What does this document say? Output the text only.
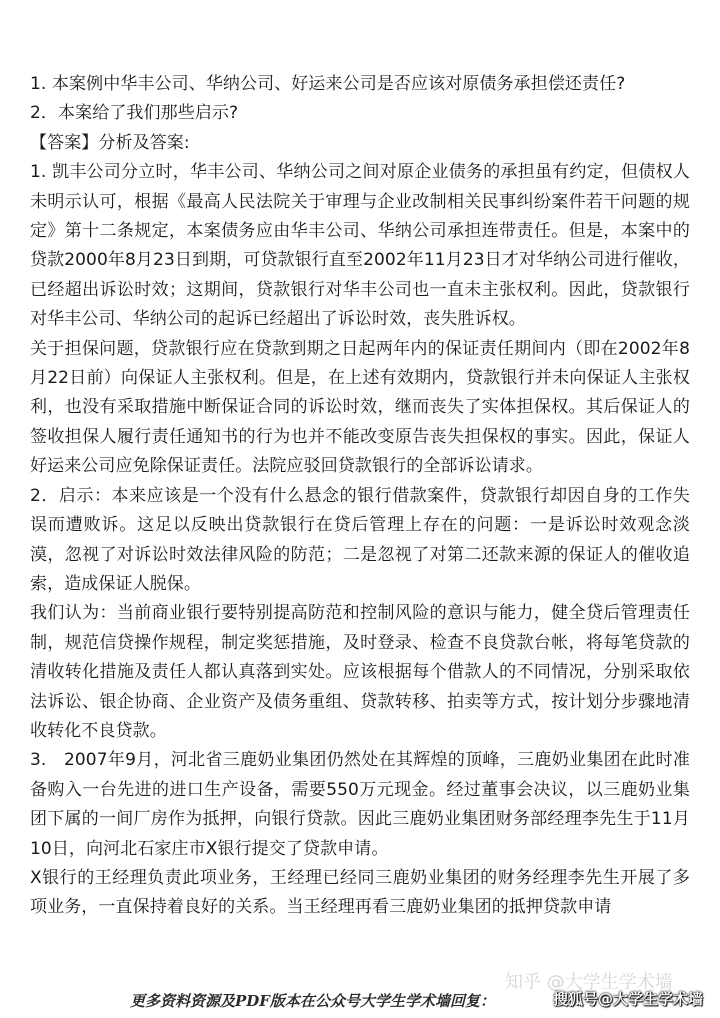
1. 本案例中华丰公司、华纳公司、好运来公司是否应该对原债务承担偿还责任?

2．本案给了我们那些启示?

【答案】分析及答案:

1. 凯丰公司分立时，华丰公司、华纳公司之间对原企业债务的承担虽有约定，但债权人未明示认可，根据《最高人民法院关于审理与企业改制相关民事纠纷案件若干问题的规定》第十二条规定，本案债务应由华丰公司、华纳公司承担连带责任。但是，本案中的贷款2000年8月23日到期，可贷款银行直至2002年11月23日才对华纳公司进行催收，已经超出诉讼时效；这期间，贷款银行对华丰公司也一直未主张权利。因此，贷款银行对华丰公司、华纳公司的起诉已经超出了诉讼时效，丧失胜诉权。

关于担保问题，贷款银行应在贷款到期之日起两年内的保证责任期间内（即在2002年8月22日前）向保证人主张权利。但是，在上述有效期内，贷款银行并未向保证人主张权利，也没有采取措施中断保证合同的诉讼时效，继而丧失了实体担保权。其后保证人的签收担保人履行责任通知书的行为也并不能改变原告丧失担保权的事实。因此，保证人好运来公司应免除保证责任。法院应驳回贷款银行的全部诉讼请求。

2．启示：本来应该是一个没有什么悬念的银行借款案件，贷款银行却因自身的工作失误而遭败诉。这足以反映出贷款银行在贷后管理上存在的问题：一是诉讼时效观念淡漠，忽视了对诉讼时效法律风险的防范；二是忽视了对第二还款来源的保证人的催收追索，造成保证人脱保。

我们认为：当前商业银行要特别提高防范和控制风险的意识与能力，健全贷后管理责任制，规范信贷操作规程，制定奖惩措施，及时登录、检查不良贷款台帐，将每笔贷款的清收转化措施及责任人都认真落到实处。应该根据每个借款人的不同情况，分别采取依法诉讼、银企协商、企业资产及债务重组、贷款转移、拍卖等方式，按计划分步骤地清收转化不良贷款。

3.　2007年9月，河北省三鹿奶业集团仍然处在其辉煌的顶峰，三鹿奶业集团在此时准备购入一台先进的进口生产设备，需要550万元现金。经过董事会决议，以三鹿奶业集团下属的一间厂房作为抵押，向银行贷款。因此三鹿奶业集团财务部经理李先生于11月10日，向河北石家庄市X银行提交了贷款申请。

X银行的王经理负责此项业务，王经理已经同三鹿奶业集团的财务经理李先生开展了多项业务，一直保持着良好的关系。当王经理再看三鹿奶业集团的抵押贷款申请

更多资料资源及PDF版本在公众号大学生学术墙回复：
知乎 @大学生学术墙
搜狐号@大学生学术墙
